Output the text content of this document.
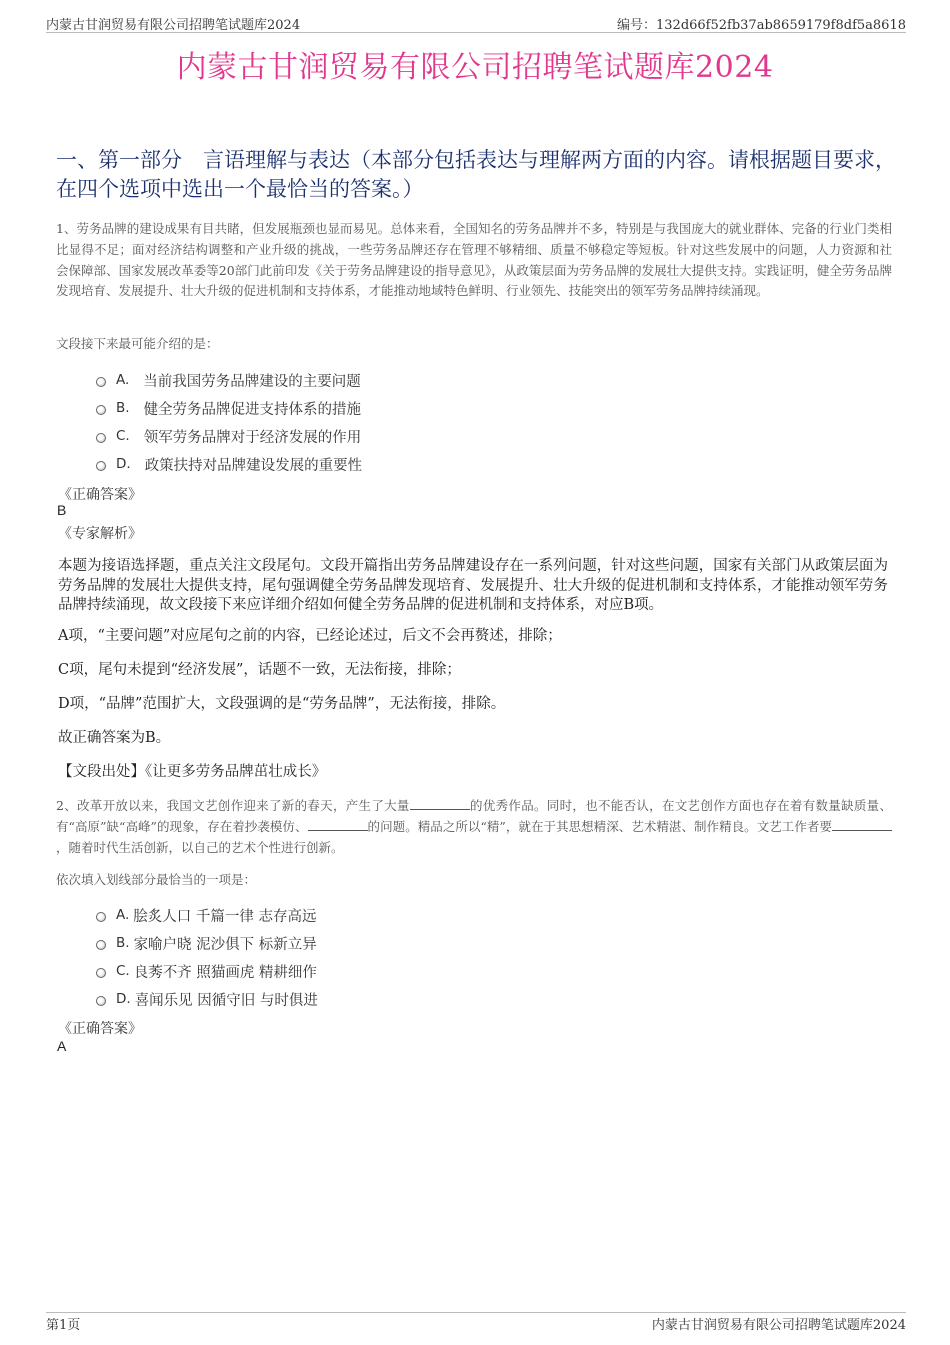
内蒙古甘润贸易有限公司招聘笔试题库2024	编号：132d66f52fb37ab8659179f8df5a8618
内蒙古甘润贸易有限公司招聘笔试题库2024
一、第一部分　言语理解与表达（本部分包括表达与理解两方面的内容。请根据题目要求，在四个选项中选出一个最恰当的答案。）
1、劳务品牌的建设成果有目共睹，但发展瓶颈也显而易见。总体来看，全国知名的劳务品牌并不多，特别是与我国庞大的就业群体、完备的行业门类相比显得不足；面对经济结构调整和产业升级的挑战，一些劳务品牌还存在管理不够精细、质量不够稳定等短板。针对这些发展中的问题，人力资源和社会保障部、国家发展改革委等20部门此前印发《关于劳务品牌建设的指导意见》，从政策层面为劳务品牌的发展壮大提供支持。实践证明，健全劳务品牌发现培育、发展提升、壮大升级的促进机制和支持体系，才能推动地域特色鲜明、行业领先、技能突出的领军劳务品牌持续涌现。
文段接下来最可能介绍的是：
A. 当前我国劳务品牌建设的主要问题
B. 健全劳务品牌促进支持体系的措施
C. 领军劳务品牌对于经济发展的作用
D. 政策扶持对品牌建设发展的重要性
《正确答案》
B
《专家解析》
本题为接语选择题，重点关注文段尾句。文段开篇指出劳务品牌建设存在一系列问题，针对这些问题，国家有关部门从政策层面为劳务品牌的发展壮大提供支持，尾句强调健全劳务品牌发现培育、发展提升、壮大升级的促进机制和支持体系，才能推动领军劳务品牌持续涌现，故文段接下来应详细介绍如何健全劳务品牌的促进机制和支持体系，对应B项。
A项，“主要问题”对应尾句之前的内容，已经论述过，后文不会再赘述，排除；
C项，尾句未提到“经济发展”，话题不一致，无法衔接，排除；
D项，“品牌”范围扩大，文段强调的是“劳务品牌”，无法衔接，排除。
故正确答案为B。
【文段出处】《让更多劳务品牌茁壮成长》
2、改革开放以来，我国文艺创作迎来了新的春天，产生了大量	的优秀作品。同时，也不能否认，在文艺创作方面也存在着有数量缺质量、有“高原”缺“高峰”的现象，存在着抄袭模仿、	的问题。精品之所以“精”，就在于其思想精深、艺术精湛、制作精良。文艺工作者要，随着时代生活创新，以自己的艺术个性进行创新。
依次填入划线部分最恰当的一项是：
A. 脍炙人口 千篇一律 志存高远
B. 家喻户晓 泥沙俱下 标新立异
C. 良莠不齐 照猫画虎 精耕细作
D. 喜闻乐见 因循守旧 与时俱进
《正确答案》
A
第1页	内蒙古甘润贸易有限公司招聘笔试题库2024
